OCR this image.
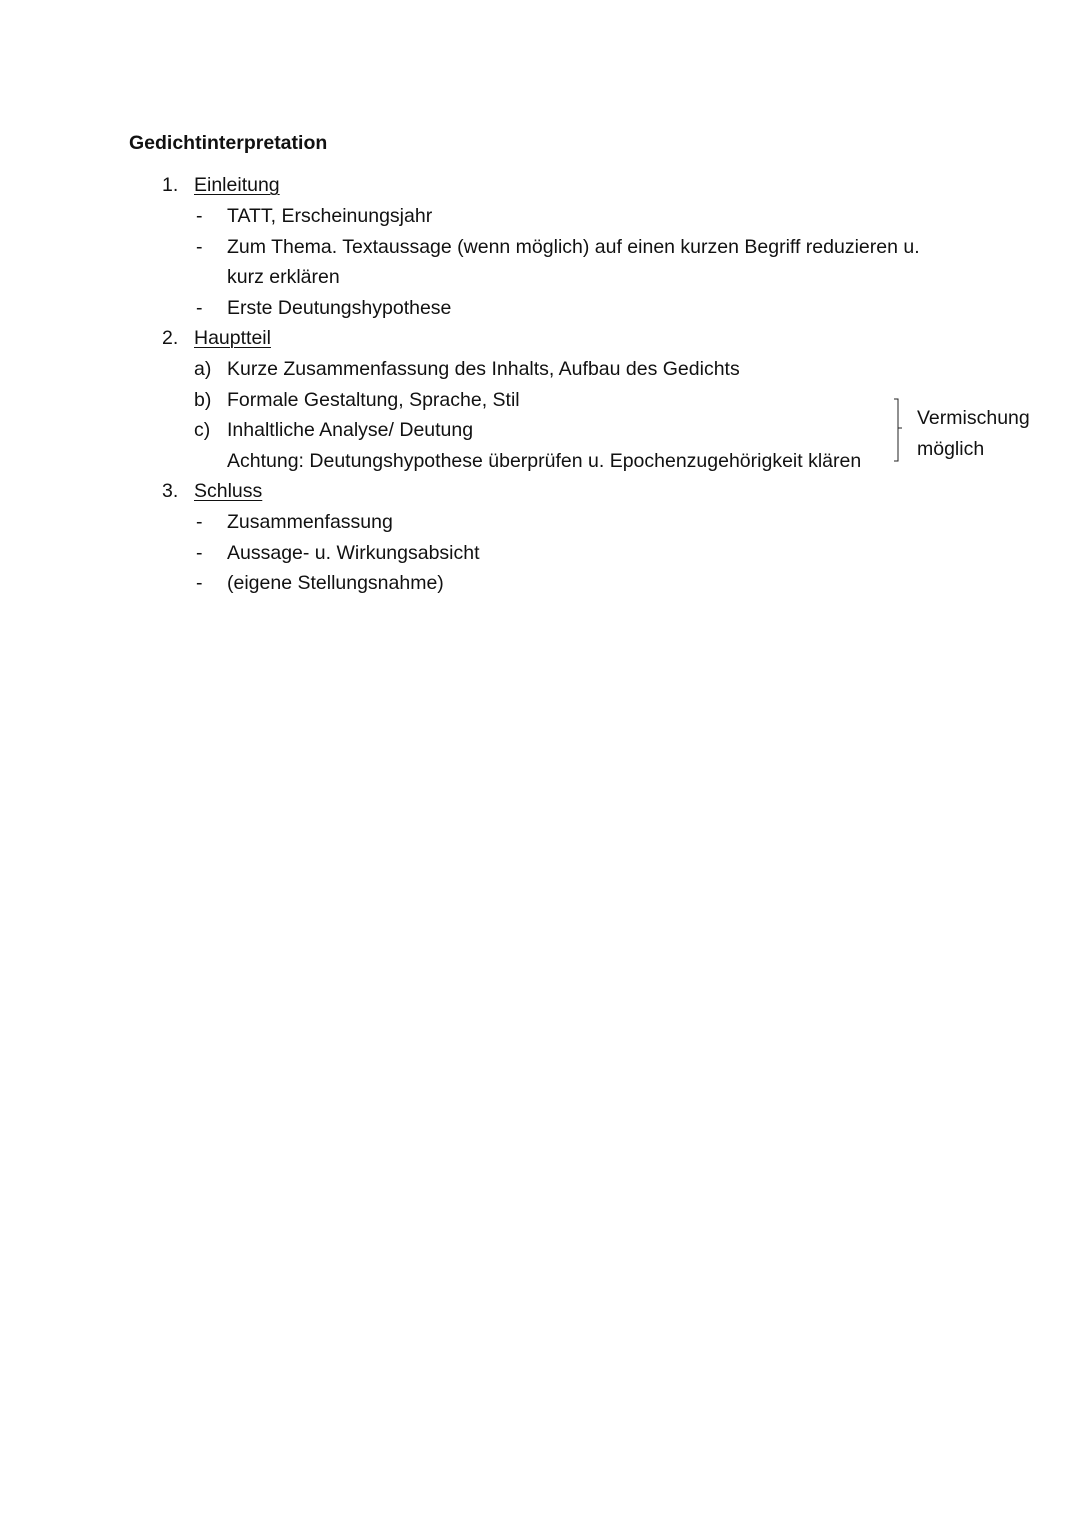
Gedichtinterpretation
1. Einleitung
- TATT, Erscheinungsjahr
- Zum Thema. Textaussage (wenn möglich) auf einen kurzen Begriff reduzieren u.
kurz erklären
- Erste Deutungshypothese
2. Hauptteil
a) Kurze Zusammenfassung des Inhalts, Aufbau des Gedichts
b) Formale Gestaltung, Sprache, Stil
c) Inhaltliche Analyse/ Deutung
Achtung: Deutungshypothese überprüfen u. Epochenzugehörigkeit klären
Vermischung
möglich
3. Schluss
- Zusammenfassung
- Aussage- u. Wirkungsabsicht
- (eigene Stellungsnahme)
